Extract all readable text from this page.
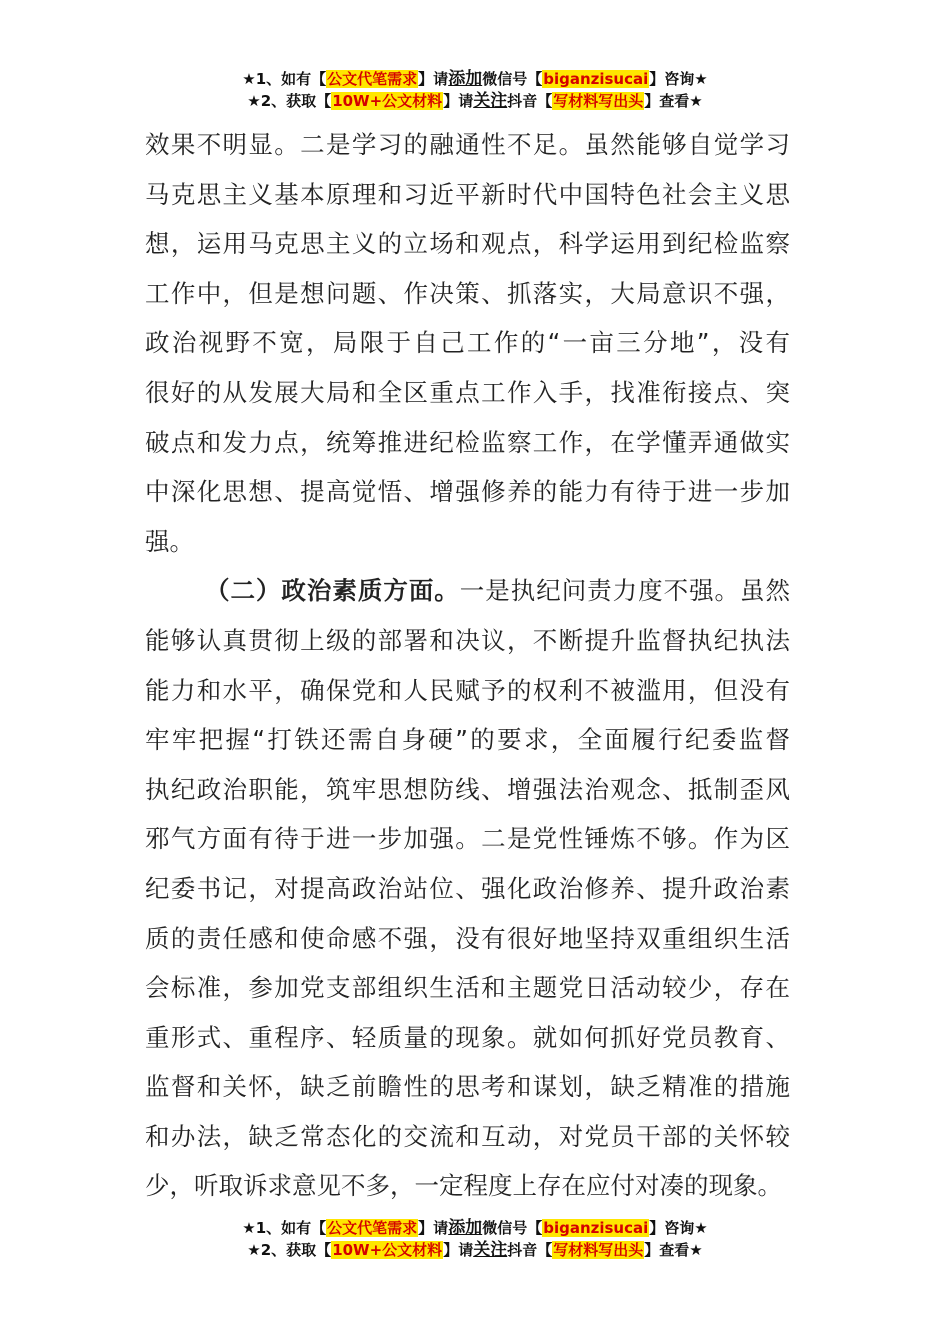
★1、如有【公文代笔需求】请添加微信号【biganzisucai】咨询★
★2、获取【10W+公文材料】请关注抖音【写材料写出头】查看★
效果不明显。二是学习的融通性不足。虽然能够自觉学习
马克思主义基本原理和习近平新时代中国特色社会主义思
想，运用马克思主义的立场和观点，科学运用到纪检监察
工作中，但是想问题、作决策、抓落实，大局意识不强，
政治视野不宽，局限于自己工作的“一亩三分地”，没有
很好的从发展大局和全区重点工作入手，找准衔接点、突
破点和发力点，统筹推进纪检监察工作，在学懂弄通做实
中深化思想、提高觉悟、增强修养的能力有待于进一步加
强。
（二）政治素质方面。一是执纪问责力度不强。虽然
能够认真贯彻上级的部署和决议，不断提升监督执纪执法
能力和水平，确保党和人民赋予的权利不被滥用，但没有
牢牢把握“打铁还需自身硬”的要求，全面履行纪委监督
执纪政治职能，筑牢思想防线、增强法治观念、抵制歪风
邪气方面有待于进一步加强。二是党性锤炼不够。作为区
纪委书记，对提高政治站位、强化政治修养、提升政治素
质的责任感和使命感不强，没有很好地坚持双重组织生活
会标准，参加党支部组织生活和主题党日活动较少，存在
重形式、重程序、轻质量的现象。就如何抓好党员教育、
监督和关怀，缺乏前瞻性的思考和谋划，缺乏精准的措施
和办法，缺乏常态化的交流和互动，对党员干部的关怀较
少，听取诉求意见不多，一定程度上存在应付对凑的现象。
★1、如有【公文代笔需求】请添加微信号【biganzisucai】咨询★
★2、获取【10W+公文材料】请关注抖音【写材料写出头】查看★
